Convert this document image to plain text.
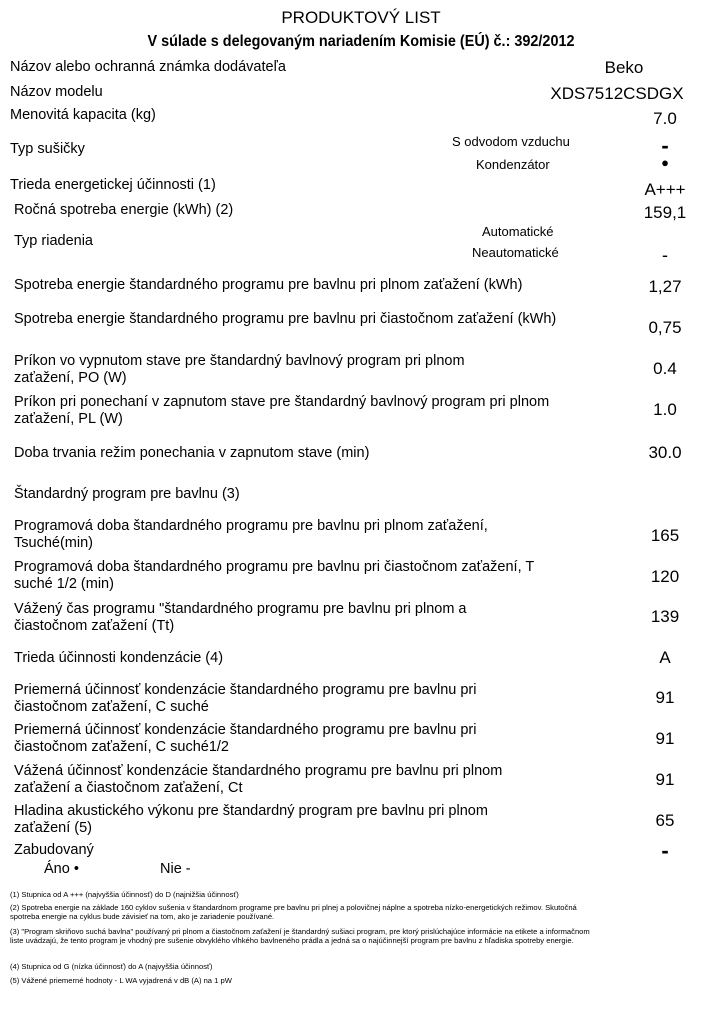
PRODUKTOVÝ LIST
V súlade s delegovaným nariadením Komisie (EÚ) č.: 392/2012
Názov alebo ochranná známka dodávateľa	Beko
Názov modelu	XDS7512CSDGX
Menovitá kapacita (kg)	7.0
Typ sušičky	S odvodom vzduchu	-
Kondenzátor	●
Trieda energetickej účinnosti (1)	A+++
Ročná spotreba energie (kWh) (2)	159,1
Typ riadenia
Automatické
Neautomatické	-
Spotreba energie štandardného programu pre bavlnu pri plnom zaťažení (kWh)	1,27
Spotreba energie štandardného programu pre bavlnu pri čiastočnom zaťažení (kWh)	0,75
Príkon vo vypnutom stave pre štandardný bavlnový program pri plnom zaťažení, PO (W)	0.4
Príkon pri ponechaní v zapnutom stave pre štandardný bavlnový program pri plnom zaťažení, PL (W)	1.0
Doba trvania režim ponechania v zapnutom stave (min)	30.0
Štandardný program pre bavlnu (3)
Programová doba štandardného programu pre bavlnu pri plnom zaťažení, Tsuché(min)	165
Programová doba štandardného programu pre bavlnu pri čiastočnom zaťažení, T suché 1/2 (min)	120
Vážený čas programu "štandardného programu pre bavlnu pri plnom a čiastočnom zaťažení (Tt)	139
Trieda účinnosti kondenzácie (4)	A
Priemerná účinnosť kondenzácie štandardného programu pre bavlnu pri čiastočnom zaťažení, C suché	91
Priemerná účinnosť kondenzácie štandardného programu pre bavlnu pri čiastočnom zaťažení, C suché1/2	91
Vážená účinnosť kondenzácie štandardného programu pre bavlnu pri plnom zaťažení a čiastočnom zaťažení, Ct	91
Hladina akustického výkonu pre štandardný program pre bavlnu pri plnom zaťažení (5)	65
Zabudovaný	-
Áno •	Nie -
(1) Stupnica od A +++ (najvyššia účinnosť) do D (najnižšia účinnosť)
(2) Spotreba energie na základe 160 cyklov sušenia v štandardnom programe pre bavlnu pri plnej a polovičnej náplne a spotreba nízko-energetických režimov. Skutočná spotreba energie na cyklus bude závisieť na tom, ako je zariadenie používané.
(3) "Program skriňovo suchá bavlna" používaný pri plnom a čiastočnom zaťažení je štandardný sušiaci program, pre ktorý prislúchajúce informácie na etikete a informačnom liste uvádzajú, že tento program je vhodný pre sušenie obvyklého vlhkého bavlneného prádla a jedná sa o najúčinnejší program pre bavlnu z hľadiska spotreby energie.
(4) Stupnica od G (nízka účinnosť) do A (najvyššia účinnosť)
(5) Vážené priemerné hodnoty - L WA vyjadrená v dB (A) na 1 pW
